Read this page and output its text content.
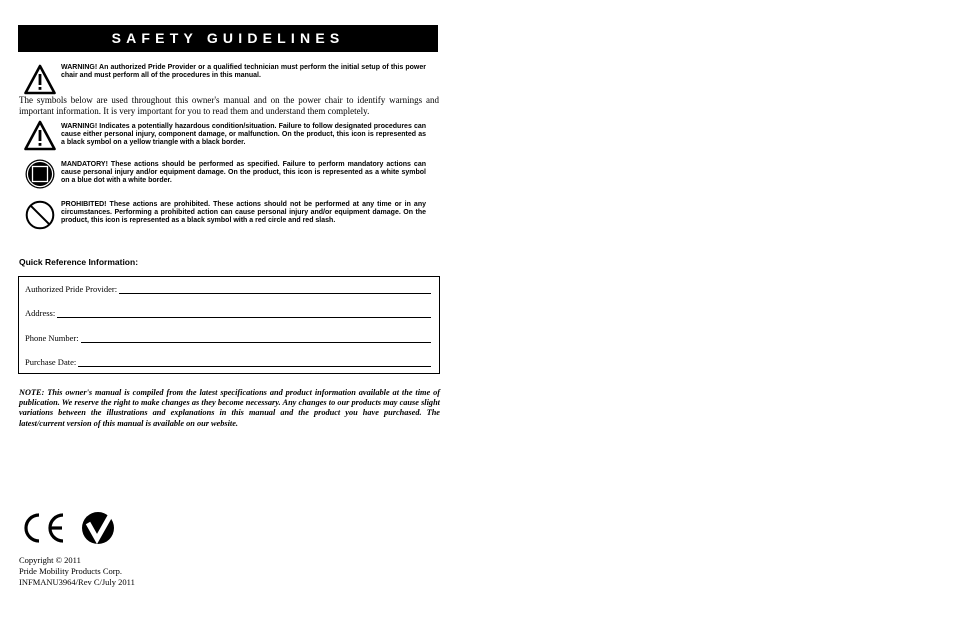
SAFETY GUIDELINES
WARNING! An authorized Pride Provider or a qualified technician must perform the initial setup of this power chair and must perform all of the procedures in this manual.
The symbols below are used throughout this owner's manual and on the power chair to identify warnings and important information. It is very important for you to read them and understand them completely.
WARNING! Indicates a potentially hazardous condition/situation. Failure to follow designated procedures can cause either personal injury, component damage, or malfunction. On the product, this icon is represented as a black symbol on a yellow triangle with a black border.
MANDATORY! These actions should be performed as specified. Failure to perform mandatory actions can cause personal injury and/or equipment damage. On the product, this icon is represented as a white symbol on a blue dot with a white border.
PROHIBITED! These actions are prohibited. These actions should not be performed at any time or in any circumstances. Performing a prohibited action can cause personal injury and/or equipment damage. On the product, this icon is represented as a black symbol with a red circle and red slash.
Quick Reference Information:
Authorized Pride Provider:
Address:
Phone Number:
Purchase Date:
NOTE: This owner's manual is compiled from the latest specifications and product information available at the time of publication. We reserve the right to make changes as they become necessary. Any changes to our products may cause slight variations between the illustrations and explanations in this manual and the product you have purchased. The latest/current version of this manual is available on our website.
Copyright © 2011
Pride Mobility Products Corp.
INFMANU3964/Rev C/July 2011
